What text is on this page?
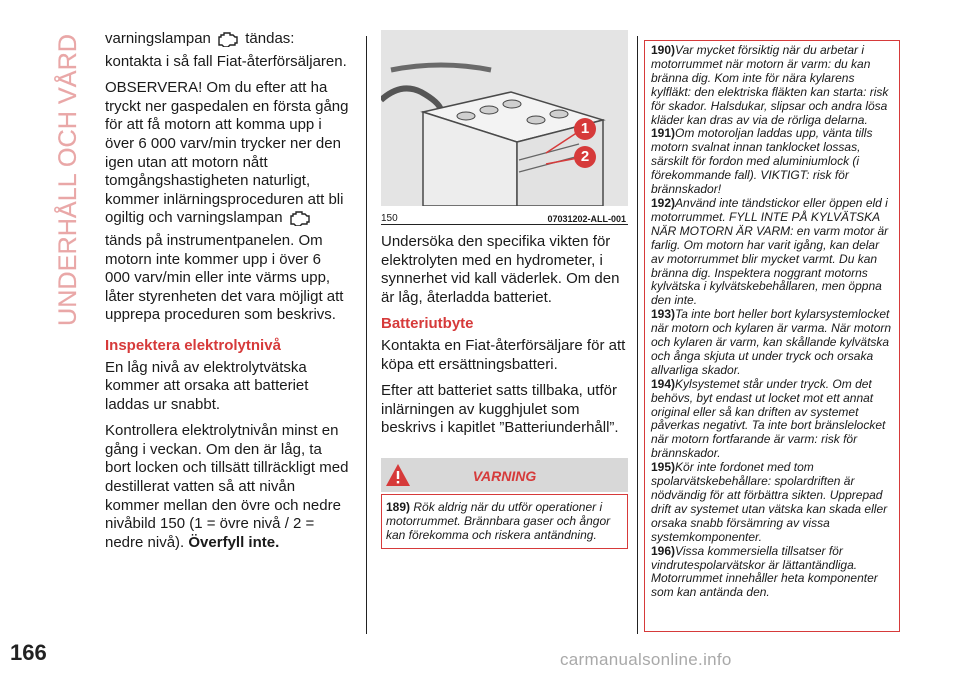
UNDERHÅLL OCH VÅRD varningslampan tändas: kontakta i så fall Fiat-återförsäljaren.

OBSERVERA! Om du efter att ha tryckt ner gaspedalen en första gång för att få motorn att komma upp i över 6 000 varv/min trycker ner den igen utan att motorn nått tomgångshastigheten naturligt, kommer inlärningsproceduren att bli ogiltig och varningslampan  tänds på instrumentpanelen. Om motorn inte kommer upp i över 6 000 varv/min eller inte värms upp, låter styrenheten det vara möjligt att upprepa proceduren som beskrivs.

Inspektera elektrolytnivå

En låg nivå av elektrolytvätska kommer att orsaka att batteriet laddas ur snabbt.

Kontrollera elektrolytnivån minst en gång i veckan. Om den är låg, ta bort locken och tillsätt tillräckligt med destillerat vatten så att nivån kommer mellan den övre och nedre nivåbild 150 (1 = övre nivå / 2 = nedre nivå). Överfyll inte.

1
2
150	07031202-ALL-001

Undersöka den specifika vikten för elektrolyten med en hydrometer, i synnerhet vid kall väderlek. Om den är låg, återladda batteriet.

Batteriutbyte

Kontakta en Fiat-återförsäljare för att köpa ett ersättningsbatteri.

Efter att batteriet satts tillbaka, utför inlärningen av kugghjulet som beskrivs i kapitlet ”Batteriunderhåll”.

VARNING
189) Rök aldrig när du utför operationer i motorrummet. Brännbara gaser och ångor kan förekomma och riskera antändning.

190)Var mycket försiktig när du arbetar i motorrummet när motorn är varm: du kan bränna dig. Kom inte för nära kylarens kylfläkt: den elektriska fläkten kan starta: risk för skador. Halsdukar, slipsar och andra lösa kläder kan dras av via de rörliga delarna.

191)Om motoroljan laddas upp, vänta tills motorn svalnat innan tanklocket lossas, särskilt för fordon med aluminiumlock (i förekommande fall). VIKTIGT: risk för brännskador!

192)Använd inte tändstickor eller öppen eld i motorrummet. FYLL INTE PÅ KYLVÄTSKA NÄR MOTORN ÄR VARM: en varm motor är farlig. Om motorn har varit igång, kan delar av motorrummet blir mycket varmt. Du kan bränna dig. Inspektera noggrant motorns kylvätska i kylvätskebehållaren, men öppna den inte.

193)Ta inte bort heller bort kylarsystemlocket när motorn och kylaren är varma. När motorn och kylaren är varm, kan skållande kylvätska och ånga skjuta ut under tryck och orsaka allvarliga skador.

194)Kylsystemet står under tryck. Om det behövs, byt endast ut locket mot ett annat original eller så kan driften av systemet påverkas negativt. Ta inte bort bränslelocket när motorn fortfarande är varm: risk för brännskador.

195)Kör inte fordonet med tom spolarvätskebehållare: spolardriften är nödvändig för att förbättra sikten. Upprepad drift av systemet utan vätska kan skada eller orsaka snabb försämring av vissa systemkomponenter.

196)Vissa kommersiella tillsatser för vindrutespolarvätskor är lättantändliga. Motorrummet innehåller heta komponenter som kan antända den.

166	carmanualsonline.info
